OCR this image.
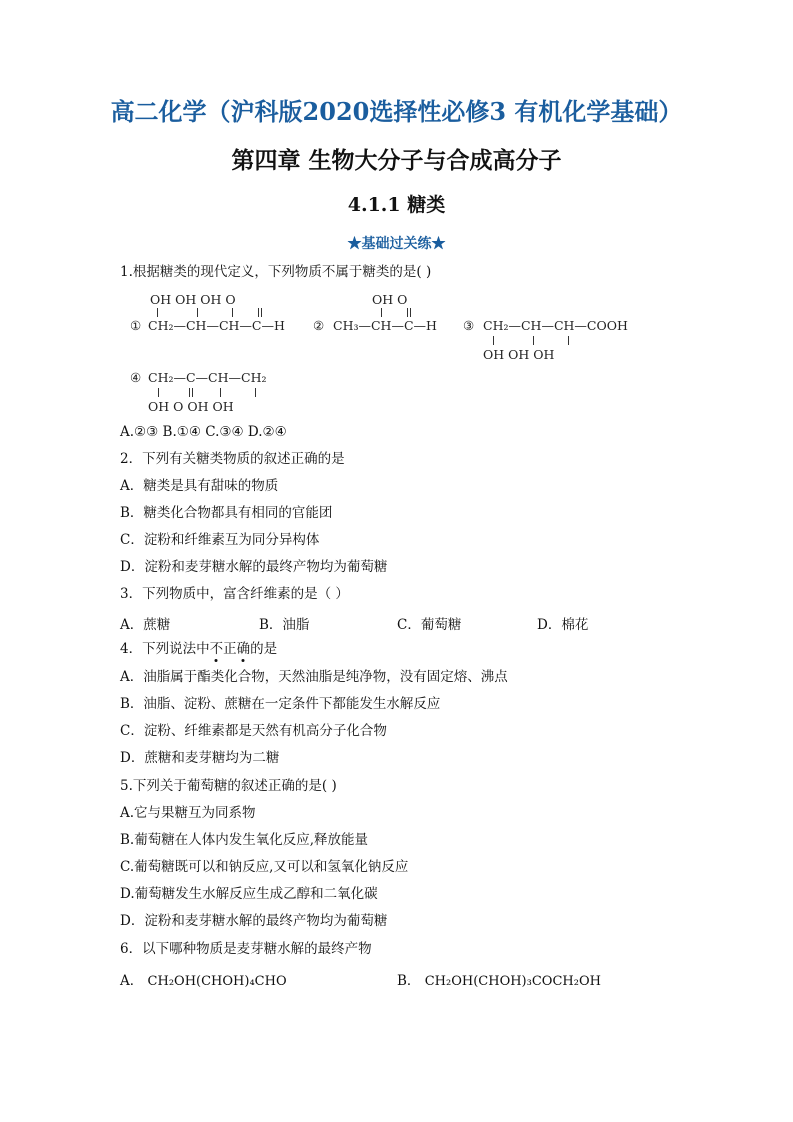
高二化学（沪科版2020选择性必修3 有机化学基础）
第四章 生物大分子与合成高分子
4.1.1 糖类
★基础过关练★
1.根据糖类的现代定义，下列物质不属于糖类的是( )
OH OH OH O
① CH₂—CH—CH—C—H
OH O
② CH₃—CH—C—H ③ CH₂—CH—CH—COOH
OH OH OH
④ CH₂—C—CH—CH₂
OH O OH OH
A.②③ B.①④ C.③④ D.②④
2．下列有关糖类物质的叙述正确的是
A．糖类是具有甜味的物质
B．糖类化合物都具有相同的官能团
C．淀粉和纤维素互为同分异构体
D．淀粉和麦芽糖水解的最终产物均为葡萄糖
3．下列物质中，富含纤维素的是（ ）
A．蔗糖	B．油脂	C．葡萄糖	D．棉花
4．下列说法中不正确的是
A．油脂属于酯类化合物，天然油脂是纯净物，没有固定熔、沸点
B．油脂、淀粉、蔗糖在一定条件下都能发生水解反应
C．淀粉、纤维素都是天然有机高分子化合物
D．蔗糖和麦芽糖均为二糖
5.下列关于葡萄糖的叙述正确的是( )
A.它与果糖互为同系物
B.葡萄糖在人体内发生氧化反应,释放能量
C.葡萄糖既可以和钠反应,又可以和氢氧化钠反应
D.葡萄糖发生水解反应生成乙醇和二氧化碳
D．淀粉和麦芽糖水解的最终产物均为葡萄糖
6．以下哪种物质是麦芽糖水解的最终产物
A． CH₂OH(CHOH)₄CHO	B． CH₂OH(CHOH)₃COCH₂OH
